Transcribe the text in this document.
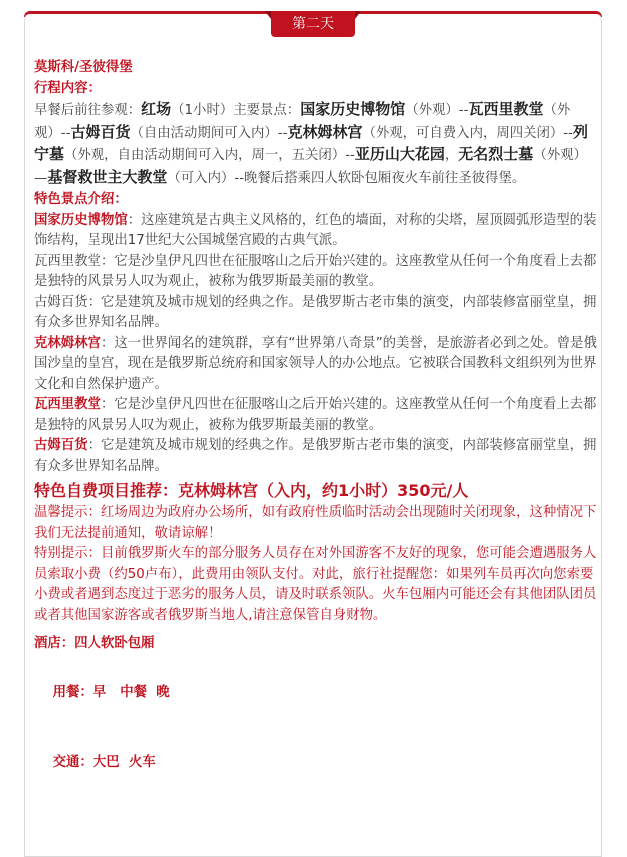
第二天

莫斯科/圣彼得堡

行程内容：

早餐后前往参观：红场（1小时）主要景点：国家历史博物馆（外观）--瓦西里教堂（外观）--古姆百货（自由活动期间可入内）--克林姆林宫（外观，可自费入内，周四关闭）--列宁墓（外观，自由活动期间可入内，周一，五关闭）--亚历山大花园，无名烈士墓（外观）—基督救世主大教堂（可入内）--晚餐后搭乘四人软卧包厢夜火车前往圣彼得堡。

特色景点介绍：

国家历史博物馆：这座建筑是古典主义风格的，红色的墙面，对称的尖塔，屋顶圆弧形造型的装饰结构，呈现出17世纪大公国城堡宫殿的古典气派。

瓦西里教堂：它是沙皇伊凡四世在征服喀山之后开始兴建的。这座教堂从任何一个角度看上去都是独特的风景另人叹为观止，被称为俄罗斯最美丽的教堂。

古姆百货：它是建筑及城市规划的经典之作。是俄罗斯古老市集的演变，内部装修富丽堂皇，拥有众多世界知名品牌。

克林姆林宫：这一世界闻名的建筑群，享有“世界第八奇景”的美誉，是旅游者必到之处。曾是俄国沙皇的皇宫，现在是俄罗斯总统府和国家领导人的办公地点。它被联合国教科文组织列为世界文化和自然保护遗产。

瓦西里教堂：它是沙皇伊凡四世在征服喀山之后开始兴建的。这座教堂从任何一个角度看上去都是独特的风景另人叹为观止，被称为俄罗斯最美丽的教堂。

古姆百货：它是建筑及城市规划的经典之作。是俄罗斯古老市集的演变，内部装修富丽堂皇，拥有众多世界知名品牌。

特色自费项目推荐：克林姆林宫（入内，约1小时）350元/人

温馨提示：红场周边为政府办公场所，如有政府性质临时活动会出现随时关闭现象，这种情况下我们无法提前通知，敬请谅解！

特别提示：目前俄罗斯火车的部分服务人员存在对外国游客不友好的现象，您可能会遭遇服务人员索取小费（约50卢布），此费用由领队支付。对此，旅行社提醒您：如果列车员再次向您索要小费或者遇到态度过于恶劣的服务人员，请及时联系领队。火车包厢内可能还会有其他团队团员或者其他国家游客或者俄罗斯当地人,请注意保管自身财物。

酒店：四人软卧包厢

用餐：早   中餐  晚

交通：大巴  火车
